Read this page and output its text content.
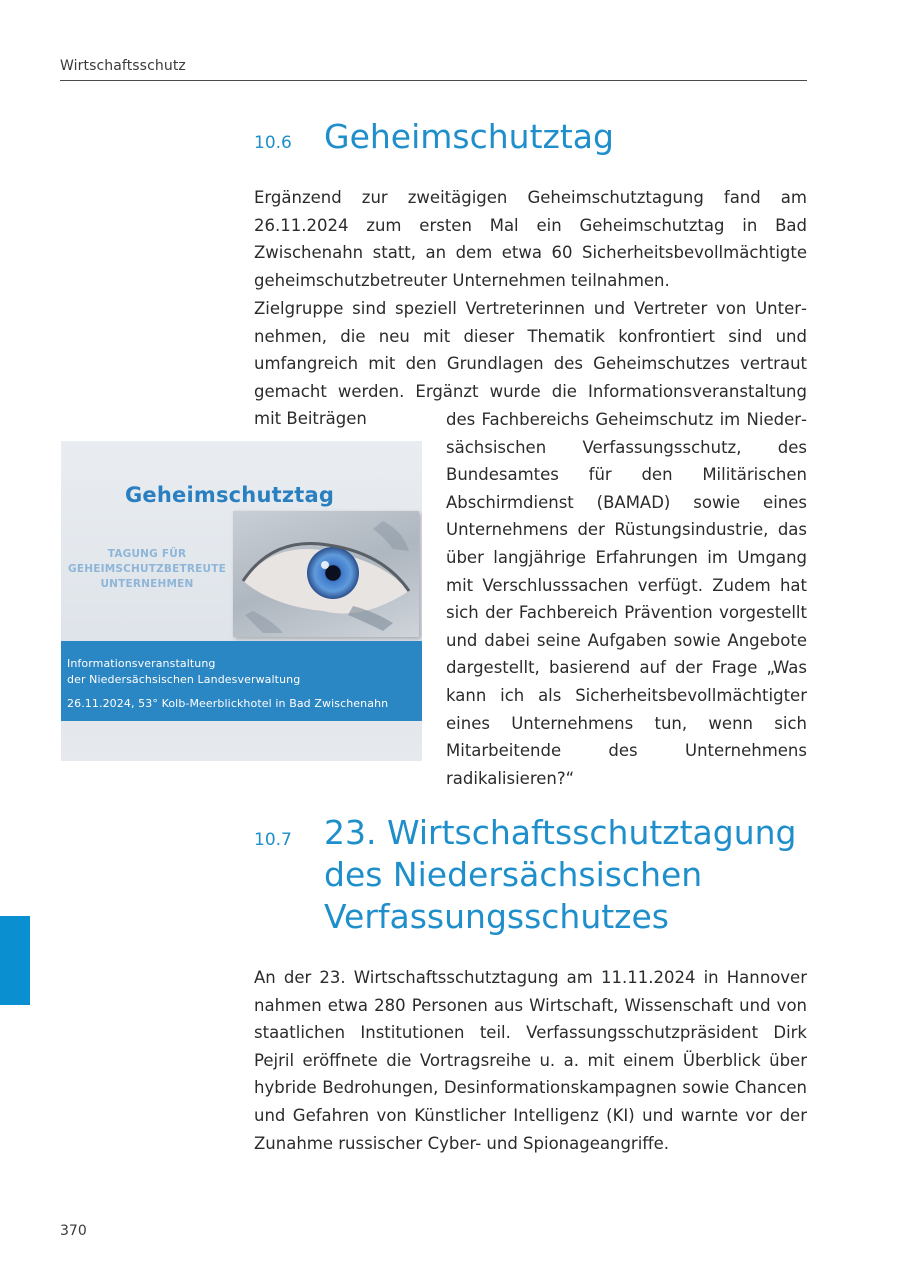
Wirtschaftsschutz
10.6 Geheimschutztag

Ergänzend zur zweitägigen Geheimschutztagung fand am 26.11.2024 zum ersten Mal ein Geheimschutztag in Bad Zwischenahn statt, an dem etwa 60 Sicherheitsbevollmächtigte geheimschutzbetreuter Unternehmen teilnahmen.

Zielgruppe sind speziell Vertreterinnen und Vertreter von Unternehmen, die neu mit dieser Thematik konfrontiert sind und umfangreich mit den Grundlagen des Geheimschutzes vertraut gemacht werden. Ergänzt wurde die Informationsveranstaltung mit Beiträgen	des Fachbereichs Geheimschutz im Niedersächsischen Verfassungsschutz, des Bundesamtes für den Militärischen Abschirmdienst (BAMAD) sowie eines Unternehmens der Rüstungsindustrie, das über langjährige Erfahrungen im Umgang mit Verschlusssachen verfügt. Zudem hat sich der Fachbereich Prävention vorgestellt und dabei seine Aufgaben sowie Angebote dargestellt, basierend auf der Frage „Was kann ich als Sicherheitsbevollmächtigter eines Unternehmens tun, wenn sich Mitarbeitende des Unternehmens radikalisieren?“

Geheimschutztag
TAGUNG FÜR
GEHEIMSCHUTZBETREUTE
UNTERNEHMEN
Informationsveranstaltung
der Niedersächsischen Landesverwaltung
26.11.2024, 53° Kolb-Meerblickhotel in Bad Zwischenahn
10.7 23. Wirtschaftsschutztagung
des Niedersächsischen
Verfassungsschutzes

An der 23. Wirtschaftsschutztagung am 11.11.2024 in Hannover nahmen etwa 280 Personen aus Wirtschaft, Wissenschaft und von staatlichen Institutionen teil. Verfassungsschutzpräsident Dirk Pejril eröffnete die Vortragsreihe u. a. mit einem Überblick über hybride Bedrohungen, Desinformationskampagnen sowie Chancen und Gefahren von Künstlicher Intelligenz (KI) und warnte vor der Zunahme russischer Cyber- und Spionageangriffe.

370
